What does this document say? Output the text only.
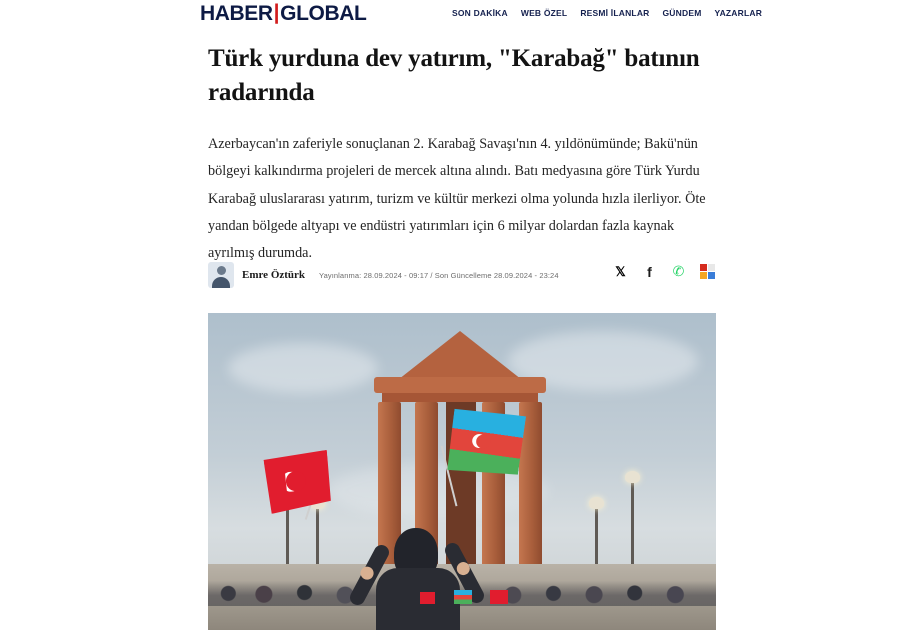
HABER|GLOBAL	SON DAKİKA WEB ÖZEL RESMİ İLANLAR GÜNDEM YAZARLAR
Türk yurduna dev yatırım, "Karabağ" batının radarında

Azerbaycan'ın zaferiyle sonuçlanan 2. Karabağ Savaşı'nın 4. yıldönümünde; Bakü'nün bölgeyi kalkındırma projeleri de mercek altına alındı. Batı medyasına göre Türk Yurdu Karabağ uluslararası yatırım, turizm ve kültür merkezi olma yolunda hızla ilerliyor. Öte yandan bölgede altyapı ve endüstri yatırımları için 6 milyar dolardan fazla kaynak ayrılmış durumda.

Emre Öztürk Yayınlanma: 28.09.2024 - 09:17 / Son Güncelleme 28.09.2024 - 23:24	𝕏	f	✆
